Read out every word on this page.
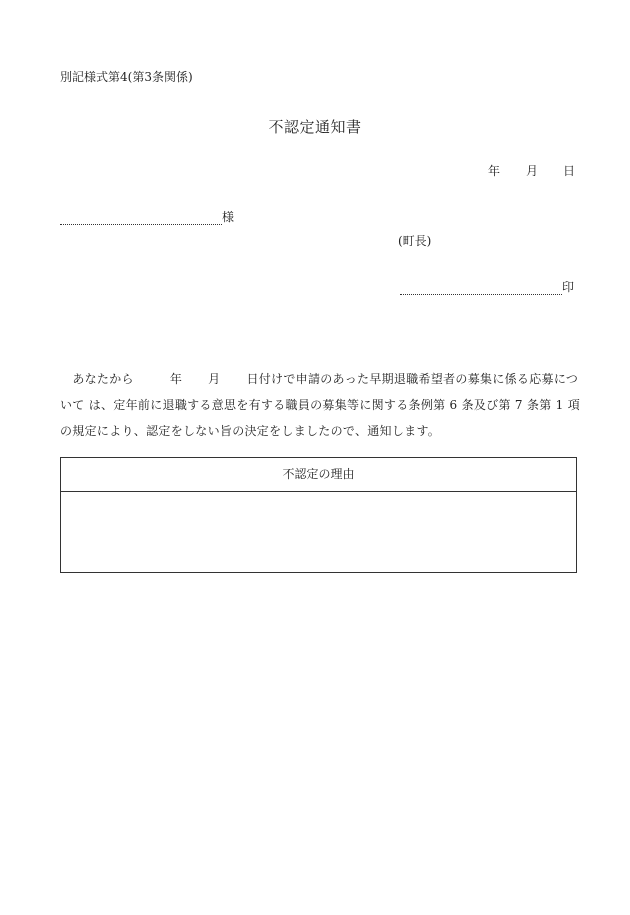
別記様式第4(第3条関係)
不認定通知書
年 月 日
様
(町長)
印
　あなたから	年 月 日付けで申請のあった早期退職希望者の募集に係る応募について は、定年前に退職する意思を有する職員の募集等に関する条例第 6 条及び第 7 条第 1 項の規定により、認定をしない旨の決定をしましたので、通知します。
不認定の理由
